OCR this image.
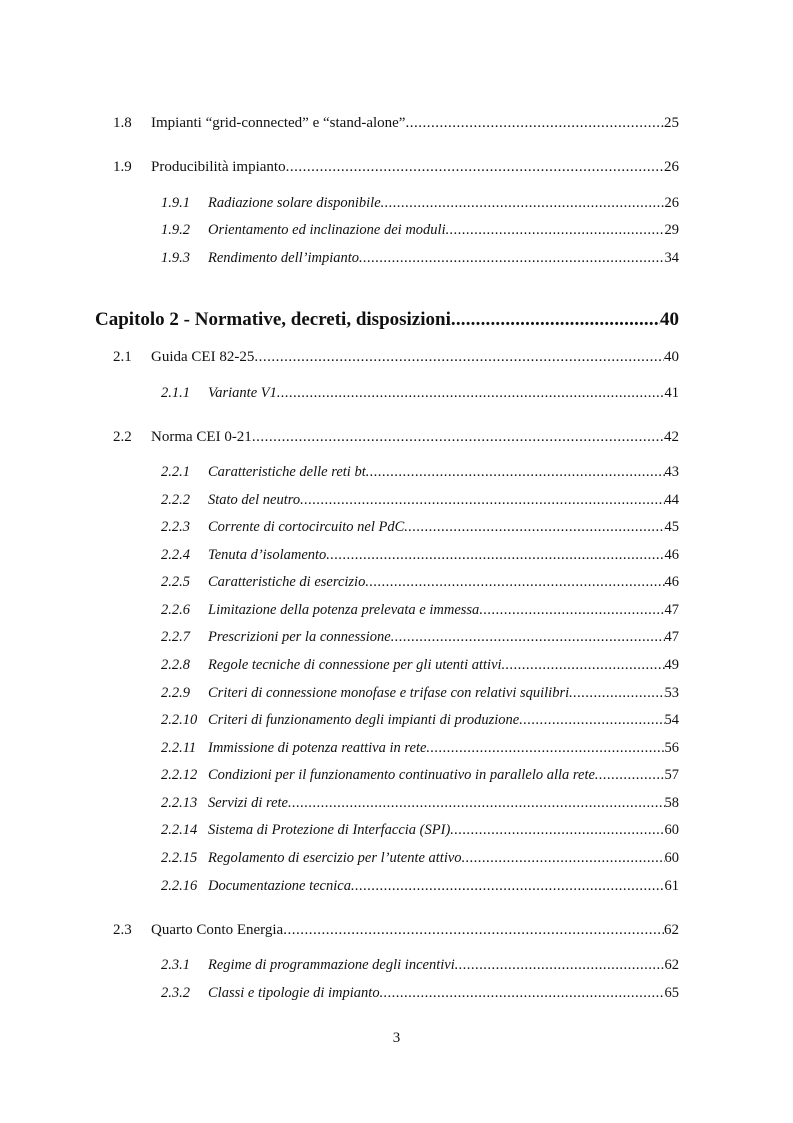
1.8	Impianti “grid-connected” e “stand-alone” .....	25
1.9	Producibilità impianto .....	26
1.9.1	Radiazione solare disponibile .....	26
1.9.2	Orientamento ed inclinazione dei moduli .....	29
1.9.3	Rendimento dell’impianto .....	34
Capitolo 2 - Normative, decreti, disposizioni .....	40
2.1	Guida CEI 82-25 .....	40
2.1.1	Variante V1 .....	41
2.2	Norma CEI 0-21 .....	42
2.2.1	Caratteristiche delle reti bt .....	43
2.2.2	Stato del neutro .....	44
2.2.3	Corrente di cortocircuito nel PdC .....	45
2.2.4	Tenuta d’isolamento .....	46
2.2.5	Caratteristiche di esercizio .....	46
2.2.6	Limitazione della potenza prelevata e immessa .....	47
2.2.7	Prescrizioni per la connessione .....	47
2.2.8	Regole tecniche di connessione per gli utenti attivi .....	49
2.2.9	Criteri di connessione monofase e trifase con relativi squilibri .....	53
2.2.10 Criteri di funzionamento degli impianti di produzione .....	54
2.2.11 Immissione di potenza reattiva in rete .....	56
2.2.12 Condizioni per il funzionamento continuativo in parallelo alla rete .....	57
2.2.13 Servizi di rete .....	58
2.2.14 Sistema di Protezione di Interfaccia (SPI) .....	60
2.2.15 Regolamento di esercizio per l’utente attivo .....	60
2.2.16 Documentazione tecnica .....	61
2.3	Quarto Conto Energia .....	62
2.3.1	Regime di programmazione degli incentivi .....	62
2.3.2	Classi e tipologie di impianto .....	65
3
